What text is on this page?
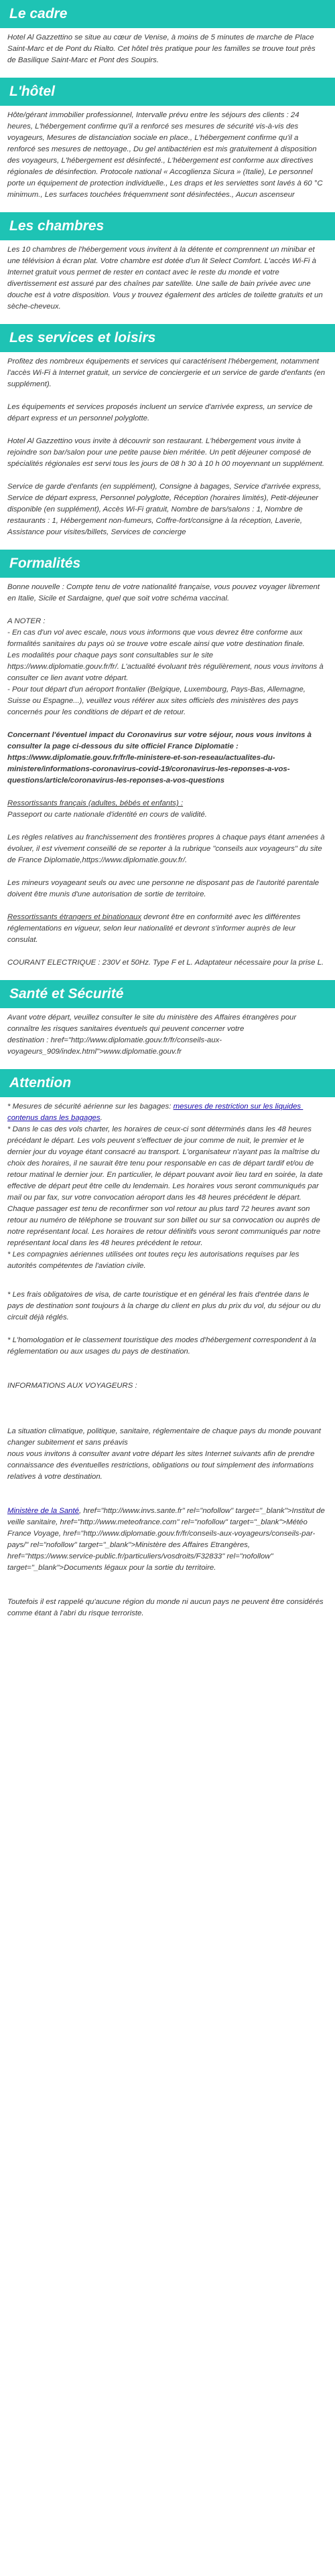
Le cadre

Hotel Al Gazzettino se situe au cœur de Venise, à moins de 5 minutes de marche de Place Saint-Marc et de Pont du Rialto. Cet hôtel très pratique pour les familles se trouve tout près de Basilique Saint-Marc et Pont des Soupirs.

L'hôtel

Hôte/gérant immobilier professionnel, Intervalle prévu entre les séjours des clients : 24 heures, L'hébergement confirme qu'il a renforcé ses mesures de sécurité vis-à-vis des voyageurs, Mesures de distanciation sociale en place., L'hébergement confirme qu'il a renforcé ses mesures de nettoyage., Du gel antibactérien est mis gratuitement à disposition des voyageurs, L'hébergement est désinfecté., L'hébergement est conforme aux directives régionales de désinfection. Protocole national « Accoglienza Sicura » (Italie), Le personnel porte un équipement de protection individuelle., Les draps et les serviettes sont lavés à 60 °C minimum., Les surfaces touchées fréquemment sont désinfectées., Aucun ascenseur

Les chambres

Les 10 chambres de l'hébergement vous invitent à la détente et comprennent un minibar et une télévision à écran plat. Votre chambre est dotée d'un lit Select Comfort. L'accès Wi-Fi à Internet gratuit vous permet de rester en contact avec le reste du monde et votre divertissement est assuré par des chaînes par satellite. Une salle de bain privée avec une douche est à votre disposition. Vous y trouvez également des articles de toilette gratuits et un sèche-cheveux.

Les services et loisirs

Profitez des nombreux équipements et services qui caractérisent l'hébergement, notamment l'accès Wi-Fi à Internet gratuit, un service de conciergerie et un service de garde d'enfants (en supplément).

Les équipements et services proposés incluent un service d'arrivée express, un service de départ express et un personnel polyglotte.

Hotel Al Gazzettino vous invite à découvrir son restaurant. L'hébergement vous invite à rejoindre son bar/salon pour une petite pause bien méritée. Un petit déjeuner composé de spécialités régionales est servi tous les jours de 08 h 30 à 10 h 00 moyennant un supplément.

Service de garde d'enfants (en supplément), Consigne à bagages, Service d'arrivée express, Service de départ express, Personnel polyglotte, Réception (horaires limités), Petit-déjeuner disponible (en supplément), Accès Wi-Fi gratuit, Nombre de bars/salons : 1, Nombre de restaurants : 1, Hébergement non-fumeurs, Coffre-fort/consigne à la réception, Laverie, Assistance pour visites/billets, Services de concierge

Formalités

Bonne nouvelle : Compte tenu de votre nationalité française, vous pouvez voyager librement en Italie, Sicile et Sardaigne, quel que soit votre schéma vaccinal.

A NOTER :

- En cas d'un vol avec escale, nous vous informons que vous devrez être conforme aux formalités sanitaires du pays où se trouve votre escale ainsi que votre destination finale.
Les modalités pour chaque pays sont consultables sur le site https://www.diplomatie.gouv.fr/fr/. L'actualité évoluant très régulièrement, nous vous invitons à consulter ce lien avant votre départ.
- Pour tout départ d'un aéroport frontalier (Belgique, Luxembourg, Pays-Bas, Allemagne, Suisse ou Espagne...), veuillez vous référer aux sites officiels des ministères des pays concernés pour les conditions de départ et de retour.

Concernant l'éventuel impact du Coronavirus sur votre séjour, nous vous invitons à consulter la page ci-dessous du site officiel France Diplomatie : https://www.diplomatie.gouv.fr/fr/le-ministere-et-son-reseau/actualites-du-ministere/informations-coronavirus-covid-19/coronavirus-les-reponses-a-vos-questions/article/coronavirus-les-reponses-a-vos-questions

Ressortissants français (adultes, bébés et enfants) :

Passeport ou carte nationale d'identité en cours de validité.

Les règles relatives au franchissement des frontières propres à chaque pays étant amenées à évoluer, il est vivement conseillé de se reporter à la rubrique "conseils aux voyageurs" du site de France Diplomatie,https://www.diplomatie.gouv.fr/.

Les mineurs voyageant seuls ou avec une personne ne disposant pas de l'autorité parentale doivent être munis d'une autorisation de sortie de territoire.

Ressortissants étrangers et binationaux devront être en conformité avec les différentes réglementations en vigueur, selon leur nationalité et devront s'informer auprès de leur consulat.

COURANT ELECTRIQUE : 230V et 50Hz. Type F et L. Adaptateur nécessaire pour la prise L.

Santé et Sécurité

Avant votre départ, veuillez consulter le site du ministère des Affaires étrangères pour connaître les risques sanitaires éventuels qui peuvent concerner votre
destination : href="http://www.diplomatie.gouv.fr/fr/conseils-aux-voyageurs_909/index.html">www.diplomatie.gouv.fr

Attention

* Mesures de sécurité aérienne sur les bagages: mesures de restriction sur les liquides contenus dans les bagages.
* Dans le cas des vols charter, les horaires de ceux-ci sont déterminés dans les 48 heures précédant le départ. Les vols peuvent s'effectuer de jour comme de nuit, le premier et le dernier jour du voyage étant consacré au transport. L'organisateur n'ayant pas la maîtrise du choix des horaires, il ne saurait être tenu pour responsable en cas de départ tardif et/ou de retour matinal le dernier jour. En particulier, le départ pouvant avoir lieu tard en soirée, la date effective de départ peut être celle du lendemain. Les horaires vous seront communiqués par mail ou par fax, sur votre convocation aéroport dans les 48 heures précédent le départ. Chaque passager est tenu de reconfirmer son vol retour au plus tard 72 heures avant son retour au numéro de téléphone se trouvant sur son billet ou sur sa convocation ou auprès de notre représentant local. Les horaires de retour définitifs vous seront communiqués par notre représentant local dans les 48 heures précédent le retour.
* Les compagnies aériennes utilisées ont toutes reçu les autorisations requises par les autorités compétentes de l'aviation civile.

* Les frais obligatoires de visa, de carte touristique et en général les frais d'entrée dans le pays de destination sont toujours à la charge du client en plus du prix du vol, du séjour ou du circuit déjà réglés.

* L'homologation et le classement touristique des modes d'hébergement correspondent à la réglementation ou aux usages du pays de destination.

INFORMATIONS AUX VOYAGEURS :

La situation climatique, politique, sanitaire, réglementaire de chaque pays du monde pouvant changer subitement et sans préavis
nous vous invitons à consulter avant votre départ les sites Internet suivants afin de prendre connaissance des éventuelles restrictions, obligations ou tout simplement des informations relatives à votre destination.

Ministère de la Santé, href="http://www.invs.sante.fr" rel="nofollow" target="_blank">Institut de veille sanitaire, href="http://www.meteofrance.com" rel="nofollow" target="_blank">Météo France Voyage, href="http://www.diplomatie.gouv.fr/fr/conseils-aux-voyageurs/conseils-par-pays/" rel="nofollow" target="_blank">Ministère des Affaires Etrangères, href="https://www.service-public.fr/particuliers/vosdroits/F32833" rel="nofollow" target="_blank">Documents légaux pour la sortie du territoire.

Toutefois il est rappelé qu'aucune région du monde ni aucun pays ne peuvent être considérés comme étant à l'abri du risque terroriste.
